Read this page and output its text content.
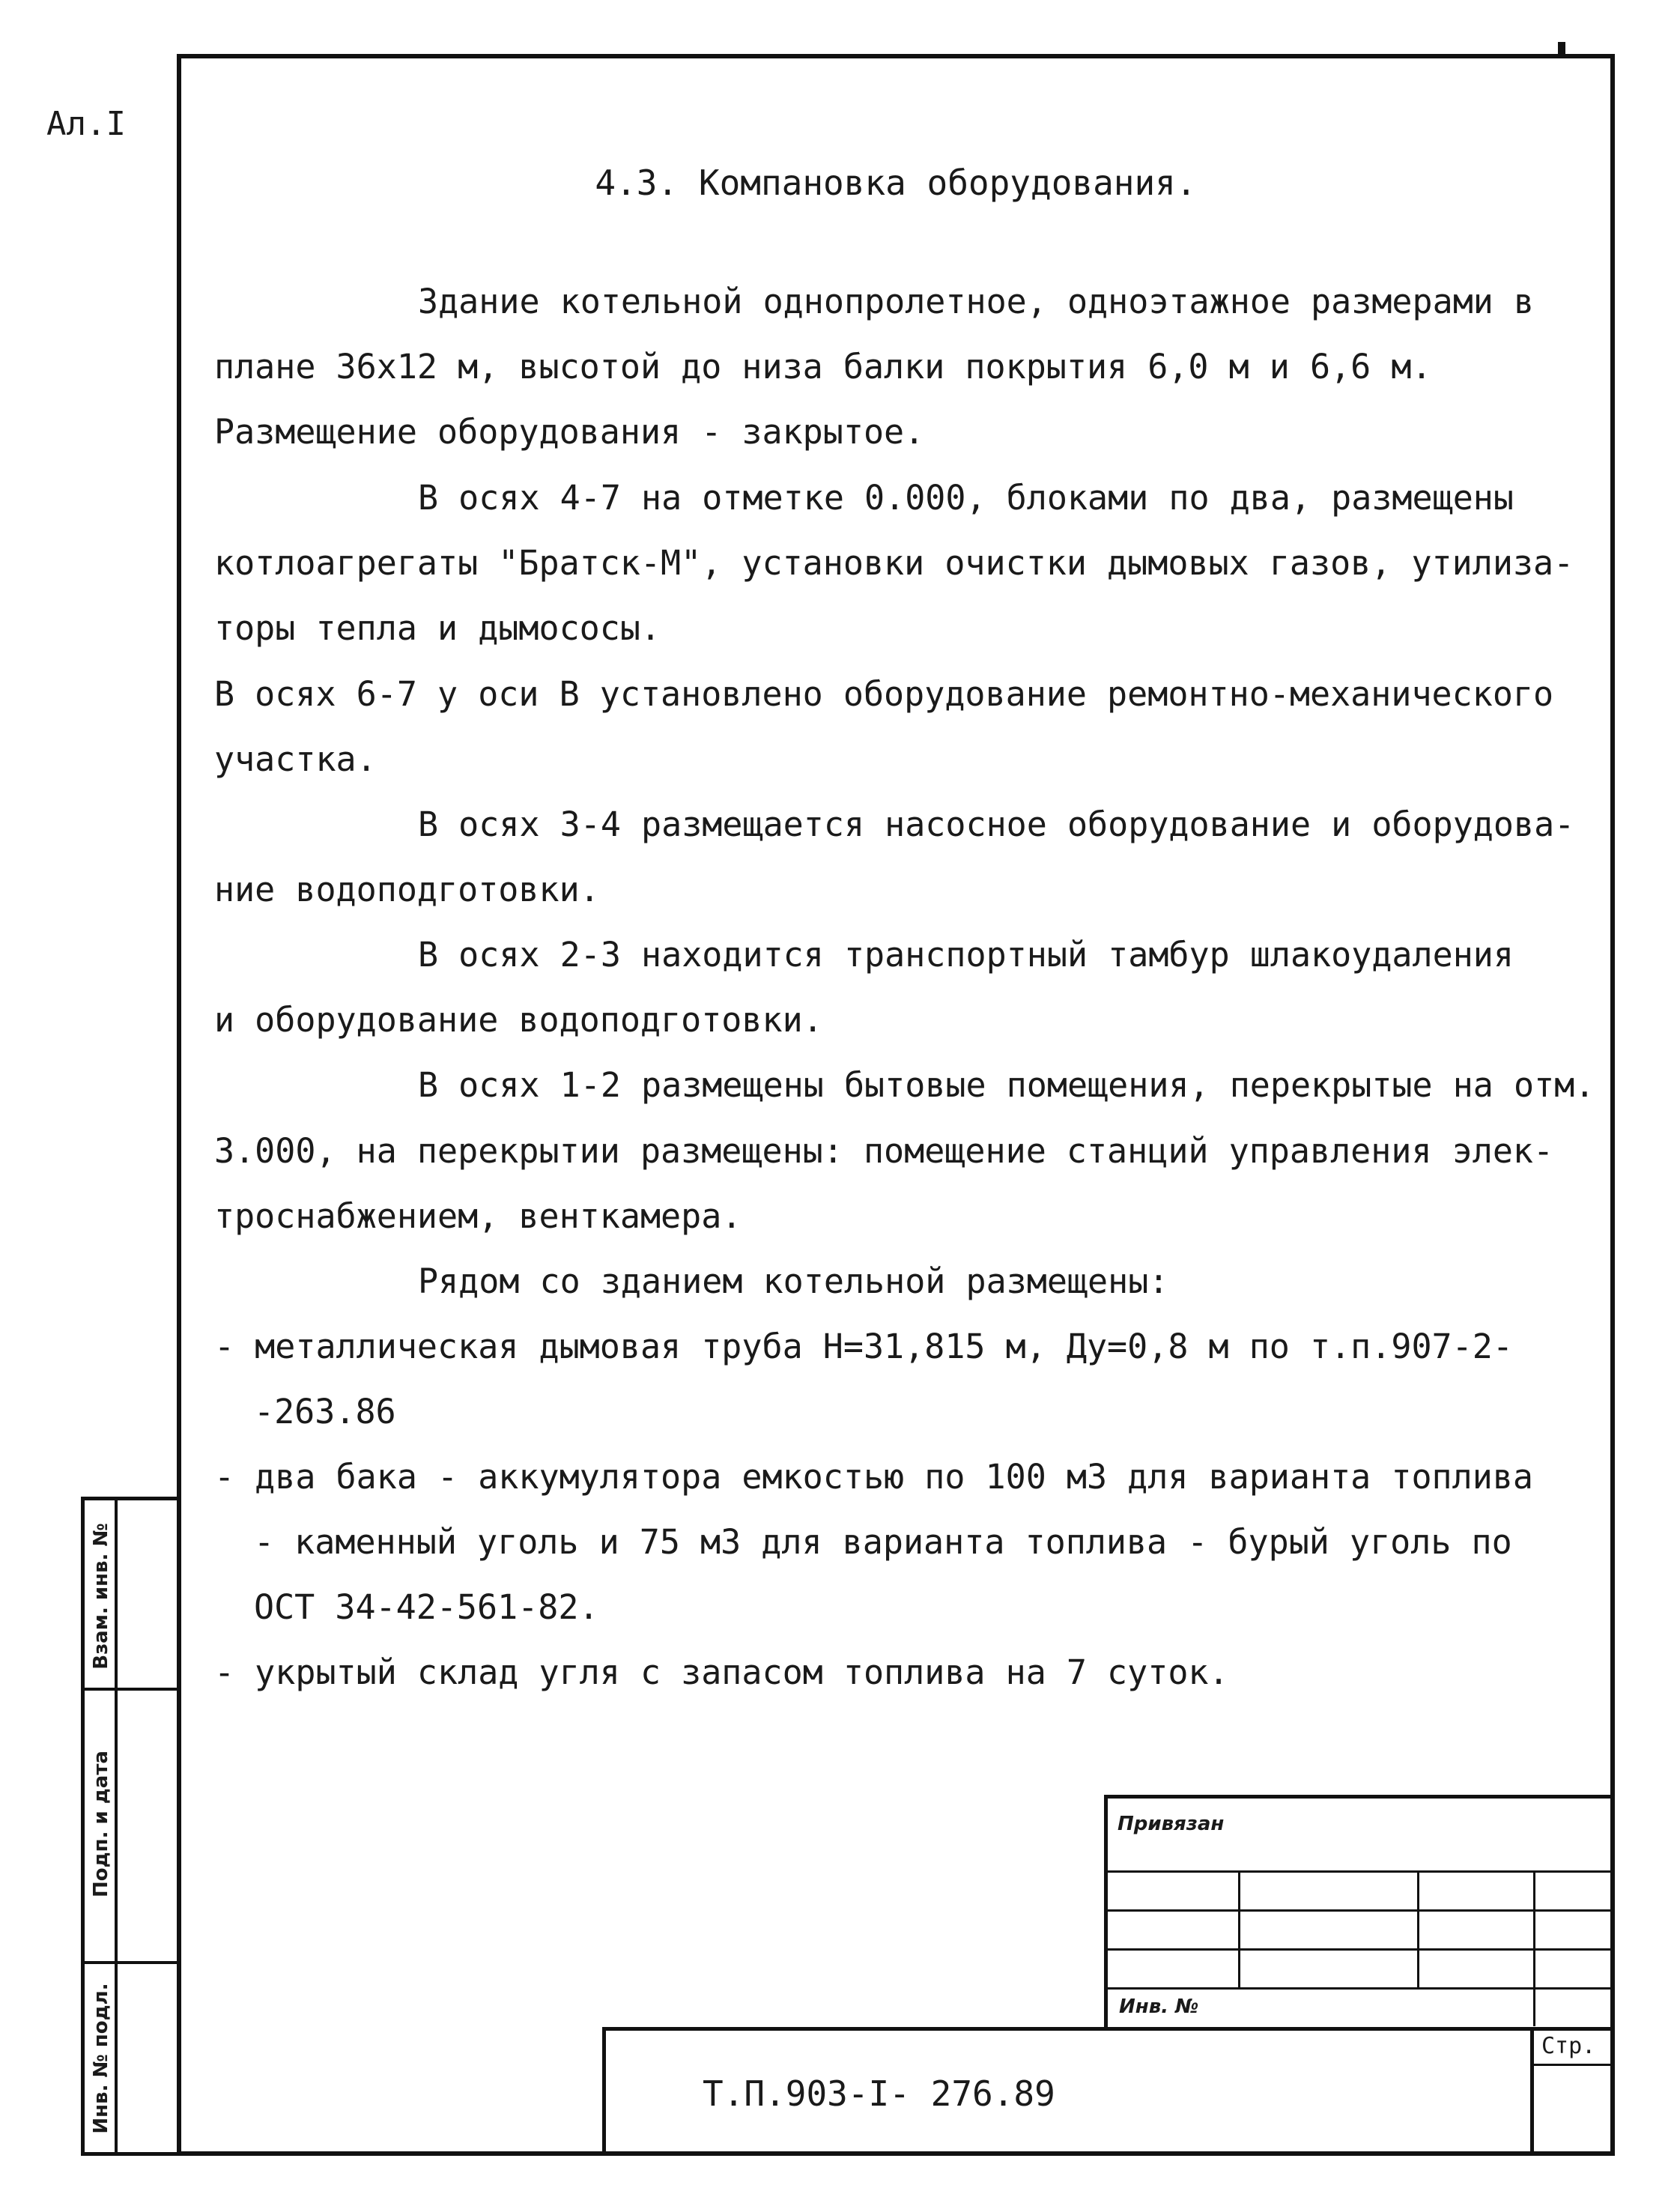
Ал.I
4.3. Компановка оборудования.
Здание котельной однопролетное, одноэтажное размерами в
плане 36х12 м, высотой до низа балки покрытия 6,0 м и 6,6 м.
Размещение оборудования - закрытое.
В осях 4-7 на отметке 0.000, блоками по два, размещены
котлоагрегаты "Братск-М", установки очистки дымовых газов, утилиза-
торы тепла и дымососы.
В осях 6-7 у оси В установлено оборудование ремонтно-механического
участка.
В осях 3-4 размещается насосное оборудование и оборудова-
ние водоподготовки.
В осях 2-3 находится транспортный тамбур шлакоудаления
и оборудование водоподготовки.
В осях 1-2 размещены бытовые помещения, перекрытые на отм.
3.000, на перекрытии размещены: помещение станций управления элек-
троснабжением, венткамера.
Рядом со зданием котельной размещены:
- металлическая дымовая труба Н=31,815 м, Ду=0,8 м по т.п.907-2-
-263.86
- два бака - аккумулятора емкостью по 100 м3 для варианта топлива
- каменный уголь и 75 м3 для варианта топлива - бурый уголь по
ОСТ 34-42-561-82.
- укрытый склад угля с запасом топлива на 7 суток.
Взам. инв. №
Подп. и дата
Инв. № подл.
Привязан
Инв. №
Стр.
Т.П.903-I- 276.89
